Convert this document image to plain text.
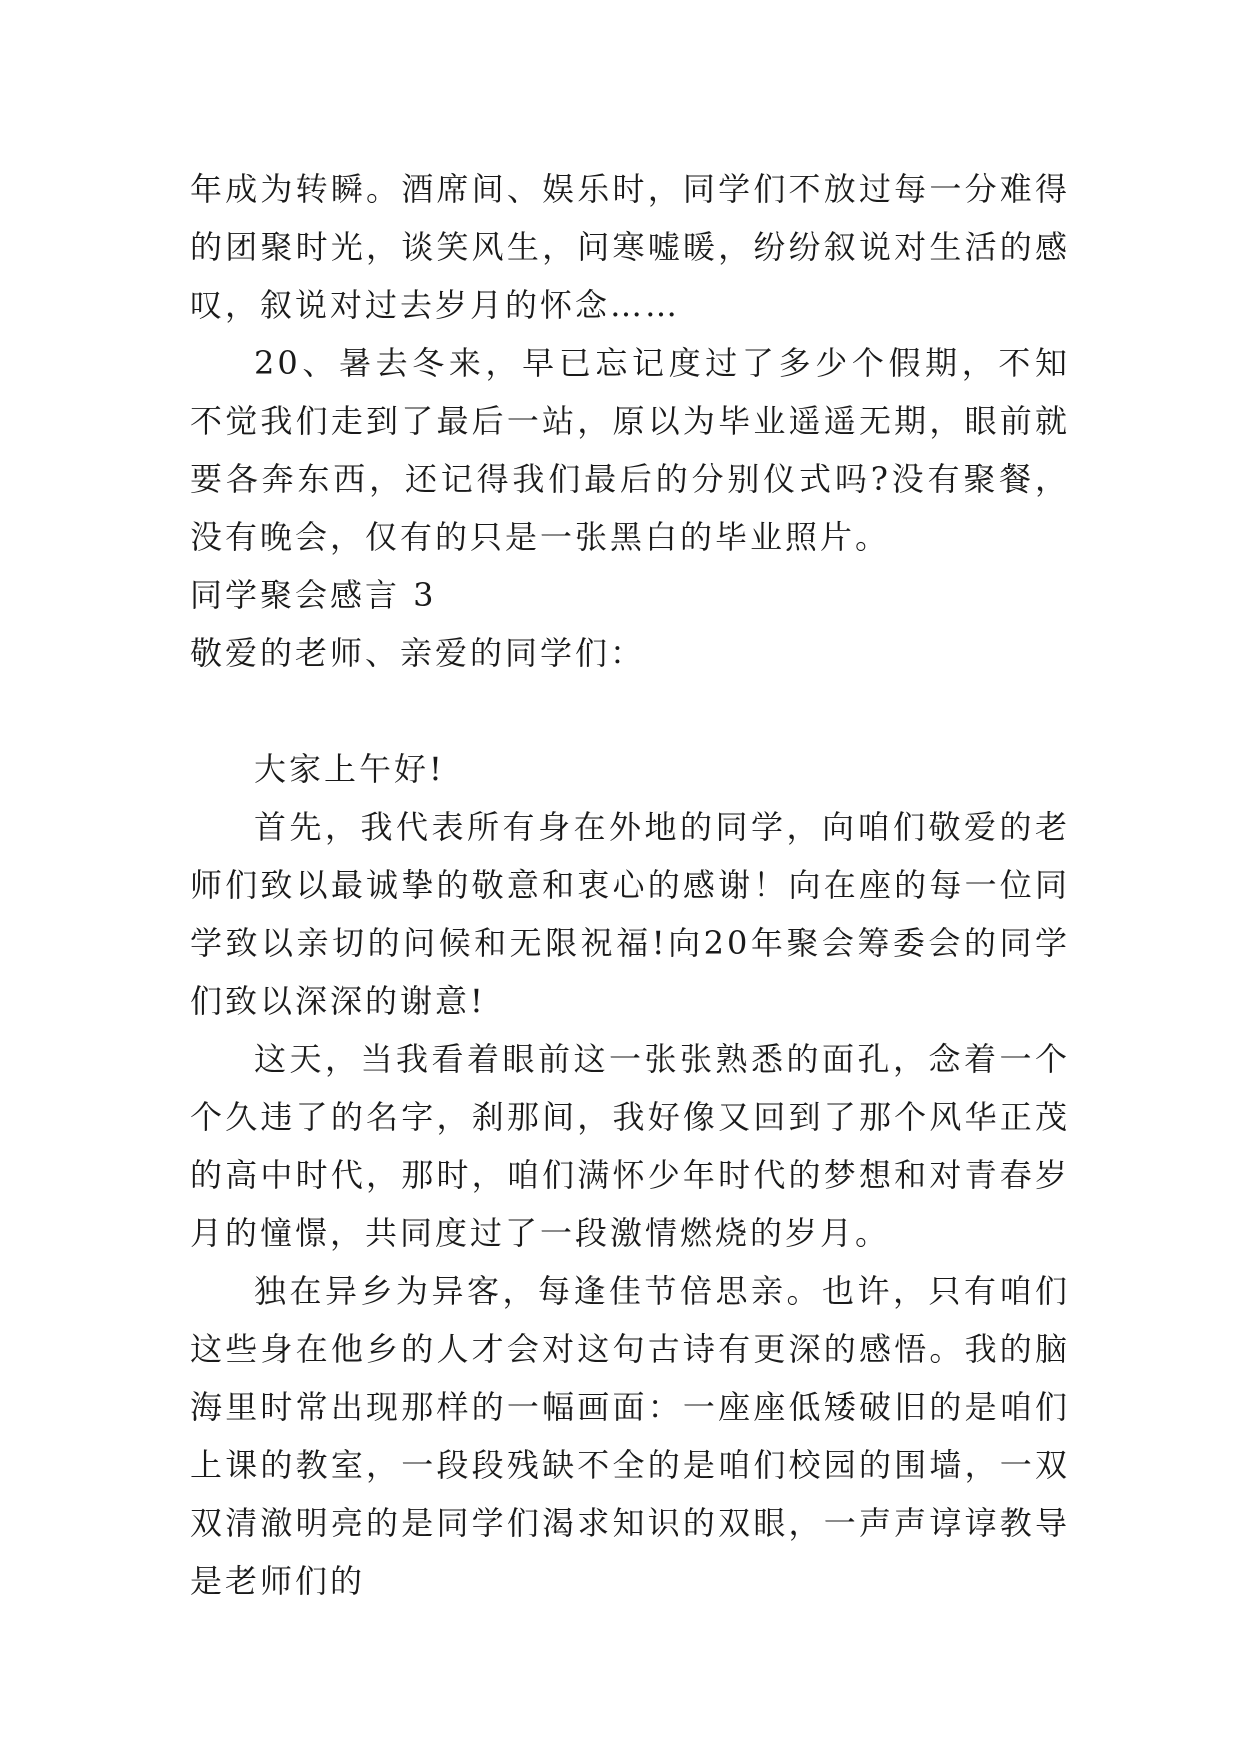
年成为转瞬。酒席间、娱乐时，同学们不放过每一分难得的团聚时光，谈笑风生，问寒嘘暖，纷纷叙说对生活的感叹，叙说对过去岁月的怀念……

20、暑去冬来，早已忘记度过了多少个假期，不知不觉我们走到了最后一站，原以为毕业遥遥无期，眼前就要各奔东西，还记得我们最后的分别仪式吗?没有聚餐，没有晚会，仅有的只是一张黑白的毕业照片。

同学聚会感言 3

敬爱的老师、亲爱的同学们：

大家上午好!

首先，我代表所有身在外地的同学，向咱们敬爱的老师们致以最诚挚的敬意和衷心的感谢！向在座的每一位同学致以亲切的问候和无限祝福!向20年聚会筹委会的同学们致以深深的谢意!

这天，当我看着眼前这一张张熟悉的面孔，念着一个个久违了的名字，刹那间，我好像又回到了那个风华正茂的高中时代，那时，咱们满怀少年时代的梦想和对青春岁月的憧憬，共同度过了一段激情燃烧的岁月。

独在异乡为异客，每逢佳节倍思亲。也许，只有咱们这些身在他乡的人才会对这句古诗有更深的感悟。我的脑海里时常出现那样的一幅画面：一座座低矮破旧的是咱们上课的教室，一段段残缺不全的是咱们校园的围墙，一双双清澈明亮的是同学们渴求知识的双眼，一声声谆谆教导是老师们的
